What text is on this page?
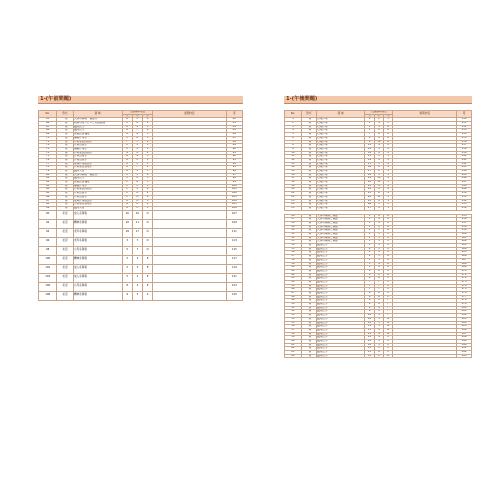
1-(午前問題)
No.	形式	領 域	出題基準項目			説明内容	頁
			大	中	小		
65	一般	人体の構造・機能系	D	C	4		82
66	一般	疾病の成り立ちと回復過程	C	D	2		83
67	一般	臨床医学	D	E	5		84
68	一般	臨床医学	D	F	4		85
69	一般	保健医療福祉	A	A	3		86
70	一般	基礎作業学	C	B	5		87
71	一般	作業療法評価学	F	F	2		88
72	一般	作業治療学	C	C	5		89
73	一般	基礎作業学	C	C	2		90
74	一般	作業療法評価学	A	A	2		91
75	一般	作業治療学	B	A	3		92
76	一般	作業治療学	D	C	3		93
77	一般	地域作業療法学	D	C	3		94
78	一般	作業療法管理学	D	F	4		95
79	一般	臨床実習	D	C	3		96
80	一般	人体の構造・機能系	C	C	4		97
81	一般	臨床医学	C	C	5		98
82	一般	保健医療福祉	E	B	3		99
83	一般	基礎作業学	E	E	3		100
84	一般	作業療法評価学	E	E	4		101
85	一般	作業治療学	E	D	2		102
86	一般	作業治療学	C	D	4		103
87	一般	地域作業療法学	D	D	5		104
88	一般	作業療法管理学	B	D	2		105
89	一般	臨床実習	D	C	3		106
90	状況	成人系障害	16	10	D		107
92	状況	精神系障害	18	11	D		109
94	状況	老年系障害	18	17	D		111
96	状況	老年系障害	3	7	D		113
98	状況	小児系障害	5	7	D		115
100	状況	精神系障害	2	3	E		117
102	状況	成人系障害	2	3	E		119
104	状況	成人系障害	5	2	E		121
106	状況	小児系障害	8	3	E		123
108	状況	精神系障害	9	3	2		125
1-(午後問題)
No.	形式	領 域	出題基準項目			説明内容	頁
			大	中	小		
1	一般	心理作業	1	2	3		130
2	一般	心理作業	2	4	3		131
3	一般	心理作業	2	5	D		132
4	一般	心理作業	2	8	A		133
5	一般	心理作業	7	8	A		134
6	一般	心理作業	9	9	A		135
7	一般	心理作業	9	10	A		136
8	一般	心理作業	11	4	2		137
9	一般	心理作業	12	5	2		138
10	一般	心理作業	12	8	2		139
11	一般	心理作業	13	5	3		140
12	一般	心理作業	14	4	2		141
13	一般	心理作業	15	5	4		142
14	一般	心理作業	16	6	4		143
15	一般	心理作業	17	8	5		144
16	一般	心理作業	18	3	1		145
17	一般	心理作業	19	10	4		146
18	一般	心理作業	20	11	3		147
19	一般	心理作業	21	8	4		148
20	一般	心理作業	22	4	2		149
21	一般	心理作業	23	6	4		150
22	一般	心理作業	24	11	3		151
23	一般	心理作業	25	8	5		152
24	一般	心理作業	26	5	2		153
25	一般	心理作業	27	8	1		154

26	一般	人体の構造と機能	1	4	A		155
27	一般	人体の構造と機能	1	4	A		156
28	一般	人体の構造と機能	1	4	A		157
29	一般	人体の構造と機能	1	4	B		158
30	一般	人体の構造と機能	2	1	B		159
31	一般	人体の構造と機能	2	3	C		160
32	一般	人体の構造と機能	2	3	C		161
33	一般	人体の構造と機能	3	3	C		162
34	一般	臨床医学	3	3	C		163
35	一般	臨床医学	4	3	C		164
36	一般	臨床医学	4	4	C		165
37	一般	臨床医学	4	5	D		166
38	一般	臨床医学	5	5	D		167
39	一般	臨床医学	5	4	D		168
40	一般	臨床医学	5	4	D		169
41	一般	臨床医学	6	6	D		170
42	一般	臨床医学	6	6	D		171
43	一般	臨床医学	6	6	E		172
44	一般	臨床医学	7	7	E		173
45	一般	臨床医学	7	7	E		174
46	一般	臨床医学	7	7	E		175
47	一般	臨床医学	8	8	E		176
48	一般	臨床医学	8	8	E		177
49	一般	臨床医学	8	8	F		178
50	一般	臨床医学	9	9	F		179
51	一般	臨床医学	9	9	F		180
52	一般	臨床医学	9	9	F		181
53	一般	臨床医学	10	3	F		182
54	一般	臨床医学	10	3	G		183
55	一般	臨床医学	10	3	G		184
56	一般	臨床医学	11	3	G		185
57	一般	臨床医学	11	4	G		186
58	一般	臨床医学	11	4	G		187
59	一般	臨床医学	12	4	H		188
60	一般	臨床医学	12	5	H		189
61	一般	臨床医学	12	5	H		190
62	一般	臨床医学	13	5	H		191
63	一般	臨床医学	13	6	H		192
64	一般	臨床医学	13	6	A		193
